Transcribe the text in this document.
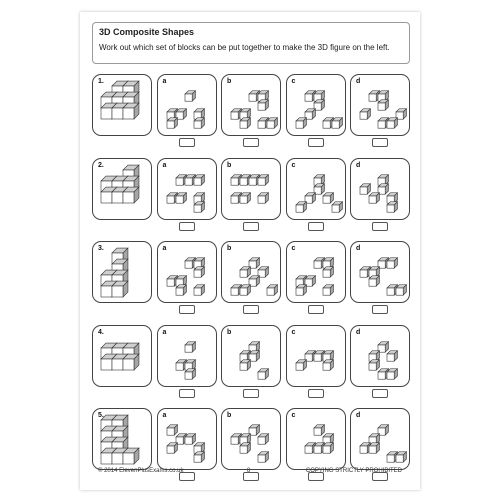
3D Composite Shapes
Work out which set of blocks can be put together to make the 3D figure on the left.
1.	a	b	c	d
2.	a	b	c	d
3.	a	b	c	d
4.	a	b	c	d
5.	a	b	c	d
© 2014 ElevenPlusExams.co.uk	8	COPYING STRICTLY PROHIBITED
